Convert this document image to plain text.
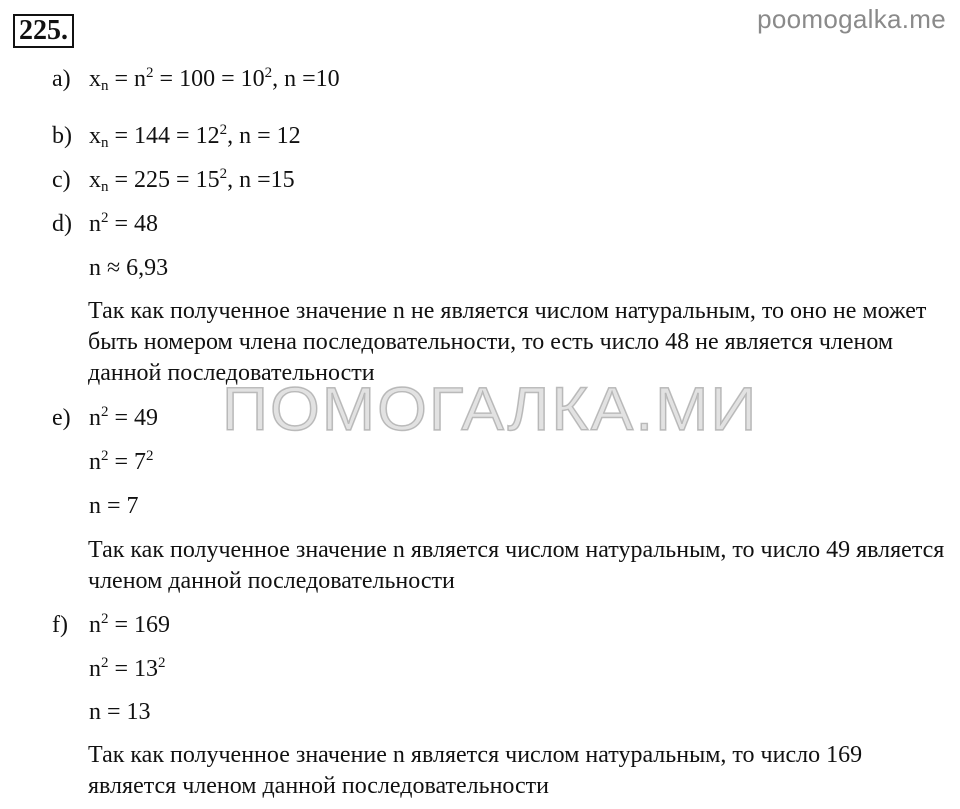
poomogalka.me
225.
ПОМОГАЛКА.МИ
a) $x_n = n^2 = 100 = 10^2$, n =10
b) $x_n = 144 = 12^2$, n = 12
c) $x_n = 225 = 15^2$, n =15
d) $n^2 = 48$
n ≈ 6,93
Так как полученное значение n не является числом натуральным, то оно не может быть номером члена последовательности, то есть число 48 не является членом данной последовательности
e) $n^2 = 49$
$n^2 = 7^2$
n = 7
Так как полученное значение n является числом натуральным, то число 49 является членом данной последовательности
f) $n^2 = 169$
$n^2 = 13^2$
n = 13
Так как полученное значение n является числом натуральным, то число 169 является членом данной последовательности
